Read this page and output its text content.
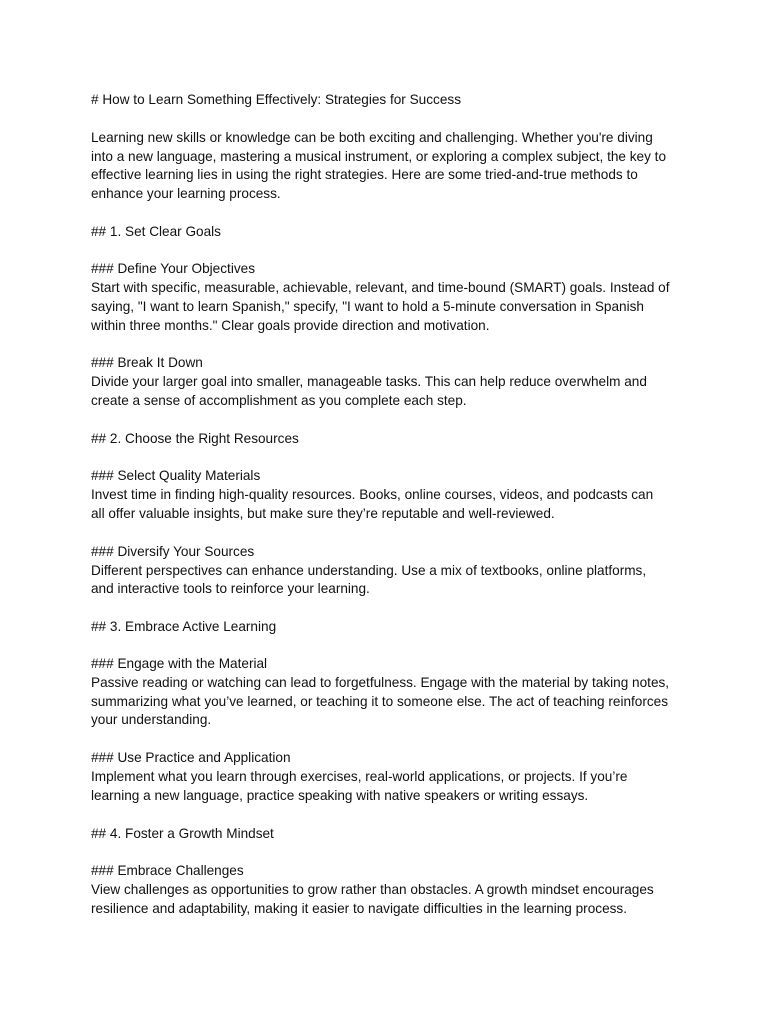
# How to Learn Something Effectively: Strategies for Success

Learning new skills or knowledge can be both exciting and challenging. Whether you're diving

into a new language, mastering a musical instrument, or exploring a complex subject, the key to

effective learning lies in using the right strategies. Here are some tried-and-true methods to

enhance your learning process.

## 1. Set Clear Goals

### Define Your Objectives

Start with specific, measurable, achievable, relevant, and time-bound (SMART) goals. Instead of

saying, "I want to learn Spanish," specify, "I want to hold a 5-minute conversation in Spanish

within three months." Clear goals provide direction and motivation.

### Break It Down

Divide your larger goal into smaller, manageable tasks. This can help reduce overwhelm and

create a sense of accomplishment as you complete each step.

## 2. Choose the Right Resources

### Select Quality Materials

Invest time in finding high-quality resources. Books, online courses, videos, and podcasts can

all offer valuable insights, but make sure they’re reputable and well-reviewed.

### Diversify Your Sources

Different perspectives can enhance understanding. Use a mix of textbooks, online platforms,

and interactive tools to reinforce your learning.

## 3. Embrace Active Learning

### Engage with the Material

Passive reading or watching can lead to forgetfulness. Engage with the material by taking notes,

summarizing what you’ve learned, or teaching it to someone else. The act of teaching reinforces

your understanding.

### Use Practice and Application

Implement what you learn through exercises, real-world applications, or projects. If you’re

learning a new language, practice speaking with native speakers or writing essays.

## 4. Foster a Growth Mindset

### Embrace Challenges

View challenges as opportunities to grow rather than obstacles. A growth mindset encourages

resilience and adaptability, making it easier to navigate difficulties in the learning process.
